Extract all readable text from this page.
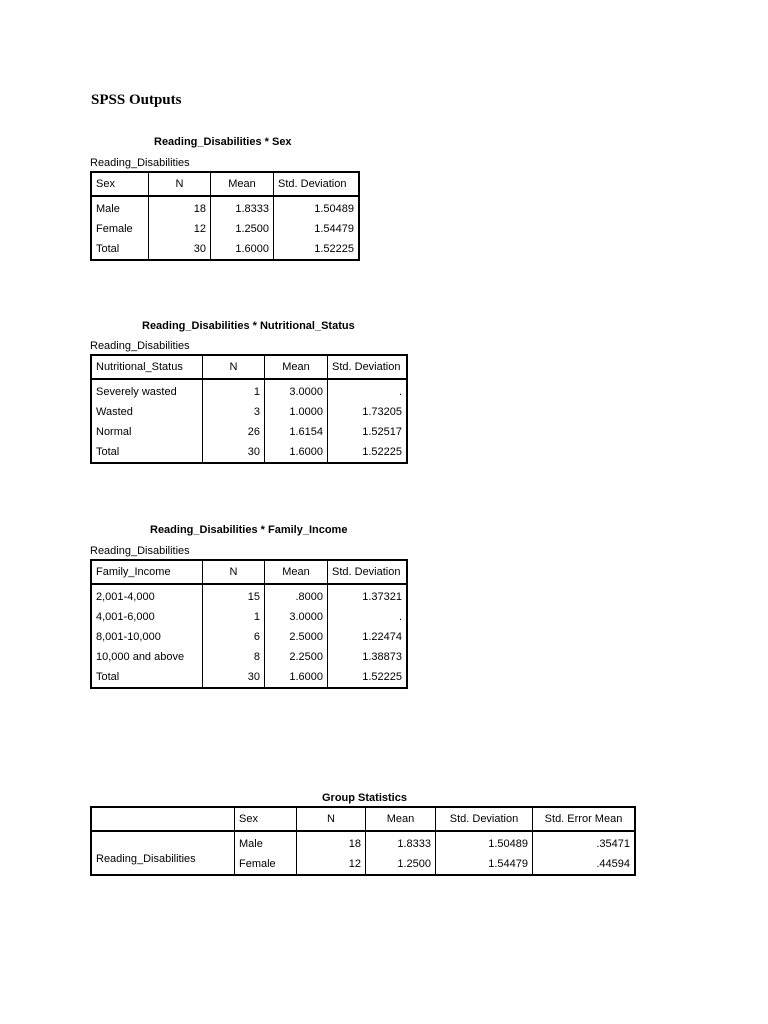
SPSS Outputs
Reading_Disabilities * Sex
Reading_Disabilities
Sex	N	Mean	Std. Deviation
Male	18	1.8333	1.50489
Female	12	1.2500	1.54479
Total	30	1.6000	1.52225
Reading_Disabilities * Nutritional_Status
Reading_Disabilities
Nutritional_Status	N	Mean	Std. Deviation
Severely wasted	1	3.0000	.
Wasted	3	1.0000	1.73205
Normal	26	1.6154	1.52517
Total	30	1.6000	1.52225
Reading_Disabilities * Family_Income
Reading_Disabilities
Family_Income	N	Mean	Std. Deviation
2,001-4,000	15	.8000	1.37321
4,001-6,000	1	3.0000	.
8,001-10,000	6	2.5000	1.22474
10,000 and above	8	2.2500	1.38873
Total	30	1.6000	1.52225
Group Statistics
	Sex	N	Mean	Std. Deviation	Std. Error Mean
Reading_Disabilities	Male	18	1.8333	1.50489	.35471
	Female	12	1.2500	1.54479	.44594
